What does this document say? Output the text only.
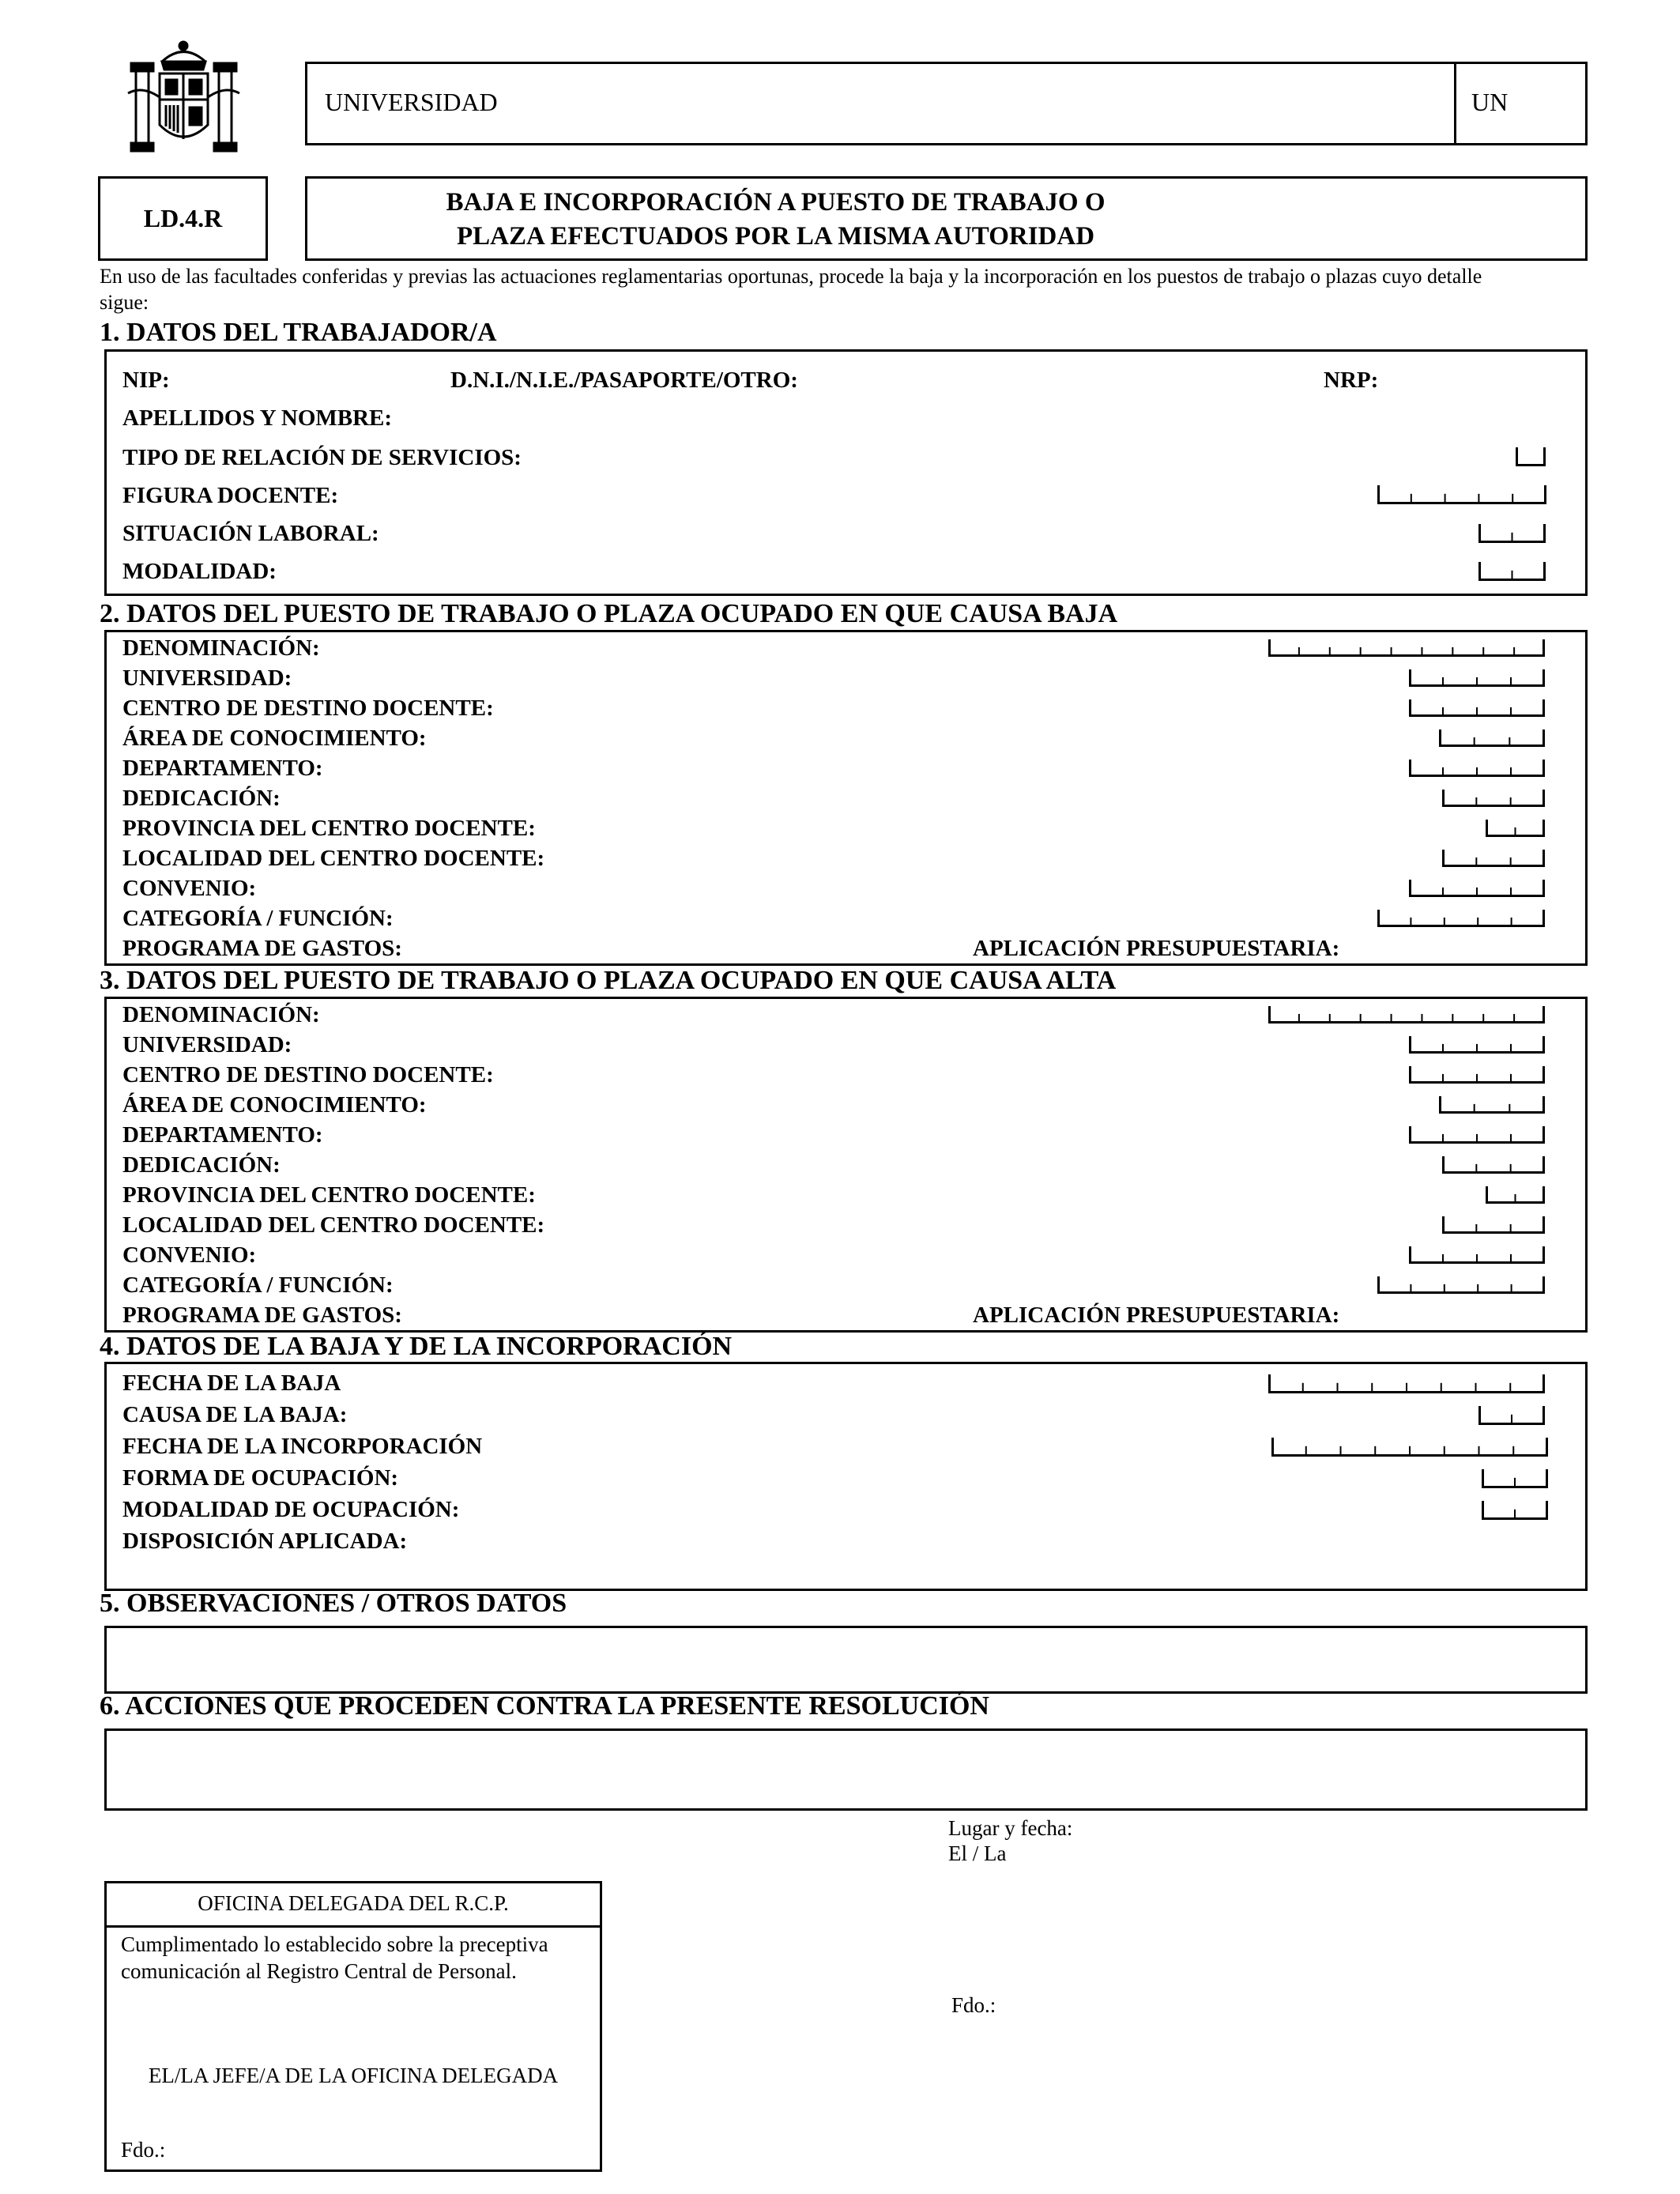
UNIVERSIDAD	UN
LD.4.R
BAJA E INCORPORACIÓN A PUESTO DE TRABAJO O
PLAZA EFECTUADOS POR LA MISMA AUTORIDAD
En uso de las facultades conferidas y previas las actuaciones reglamentarias oportunas, procede la baja y la incorporación en los puestos de trabajo o plazas cuyo detalle sigue:
1. DATOS DEL TRABAJADOR/A
NIP:	D.N.I./N.I.E./PASAPORTE/OTRO:	NRP:
APELLIDOS Y NOMBRE:
TIPO DE RELACIÓN DE SERVICIOS:
FIGURA DOCENTE:
SITUACIÓN LABORAL:
MODALIDAD:
2. DATOS DEL PUESTO DE TRABAJO O PLAZA OCUPADO EN QUE CAUSA BAJA
DENOMINACIÓN:
UNIVERSIDAD:
CENTRO DE DESTINO DOCENTE:
ÁREA DE CONOCIMIENTO:
DEPARTAMENTO:
DEDICACIÓN:
PROVINCIA DEL CENTRO DOCENTE:
LOCALIDAD DEL CENTRO DOCENTE:
CONVENIO:
CATEGORÍA / FUNCIÓN:
PROGRAMA DE GASTOS:	APLICACIÓN PRESUPUESTARIA:
3. DATOS DEL PUESTO DE TRABAJO O PLAZA OCUPADO EN QUE CAUSA ALTA
DENOMINACIÓN:
UNIVERSIDAD:
CENTRO DE DESTINO DOCENTE:
ÁREA DE CONOCIMIENTO:
DEPARTAMENTO:
DEDICACIÓN:
PROVINCIA DEL CENTRO DOCENTE:
LOCALIDAD DEL CENTRO DOCENTE:
CONVENIO:
CATEGORÍA / FUNCIÓN:
PROGRAMA DE GASTOS:	APLICACIÓN PRESUPUESTARIA:
4. DATOS DE LA BAJA Y DE LA INCORPORACIÓN
FECHA DE LA BAJA
CAUSA DE LA BAJA:
FECHA DE LA INCORPORACIÓN
FORMA DE OCUPACIÓN:
MODALIDAD DE OCUPACIÓN:
DISPOSICIÓN APLICADA:
5. OBSERVACIONES / OTROS DATOS
6. ACCIONES QUE PROCEDEN CONTRA LA PRESENTE RESOLUCIÓN
Lugar y fecha:
El / La
Fdo.:
OFICINA DELEGADA DEL R.C.P.
Cumplimentado lo establecido sobre la preceptiva comunicación al Registro Central de Personal.
EL/LA JEFE/A DE LA OFICINA DELEGADA
Fdo.:
